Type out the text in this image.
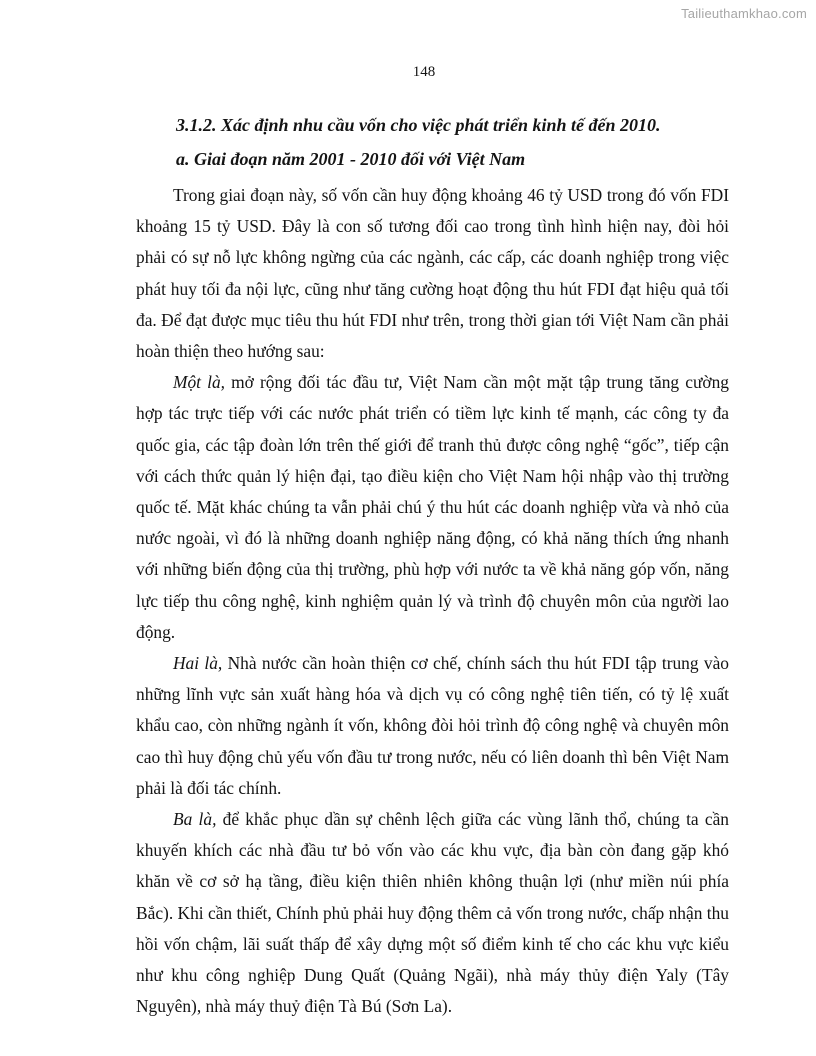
Tailieuthamkhao.com
148
3.1.2. Xác định nhu cầu vốn cho việc phát triển kinh tế đến 2010.
a. Giai đoạn năm 2001 - 2010 đối với Việt Nam

Trong giai đoạn này, số vốn cần huy động khoảng 46 tỷ USD trong đó vốn FDI khoảng 15 tỷ USD. Đây là con số tương đối cao trong tình hình hiện nay, đòi hỏi phải có sự nỗ lực không ngừng của các ngành, các cấp, các doanh nghiệp trong việc phát huy tối đa nội lực, cũng như tăng cường hoạt động thu hút FDI đạt hiệu quả tối đa. Để đạt được mục tiêu thu hút FDI như trên, trong thời gian tới Việt Nam cần phải hoàn thiện theo hướng sau:

Một là, mở rộng đối tác đầu tư, Việt Nam cần một mặt tập trung tăng cường hợp tác trực tiếp với các nước phát triển có tiềm lực kinh tế mạnh, các công ty đa quốc gia, các tập đoàn lớn trên thế giới để tranh thủ được công nghệ “gốc”, tiếp cận với cách thức quản lý hiện đại, tạo điều kiện cho Việt Nam hội nhập vào thị trường quốc tế. Mặt khác chúng ta vẫn phải chú ý thu hút các doanh nghiệp vừa và nhỏ của nước ngoài, vì đó là những doanh nghiệp năng động, có khả năng thích ứng nhanh với những biến động của thị trường, phù hợp với nước ta về khả năng góp vốn, năng lực tiếp thu công nghệ, kinh nghiệm quản lý và trình độ chuyên môn của người lao động.

Hai là, Nhà nước cần hoàn thiện cơ chế, chính sách thu hút FDI tập trung vào những lĩnh vực sản xuất hàng hóa và dịch vụ có công nghệ tiên tiến, có tỷ lệ xuất khẩu cao, còn những ngành ít vốn, không đòi hỏi trình độ công nghệ và chuyên môn cao thì huy động chủ yếu vốn đầu tư trong nước, nếu có liên doanh thì bên Việt Nam phải là đối tác chính.

Ba là, để khắc phục dần sự chênh lệch giữa các vùng lãnh thổ, chúng ta cần khuyến khích các nhà đầu tư bỏ vốn vào các khu vực, địa bàn còn đang gặp khó khăn về cơ sở hạ tầng, điều kiện thiên nhiên không thuận lợi (như miền núi phía Bắc). Khi cần thiết, Chính phủ phải huy động thêm cả vốn trong nước, chấp nhận thu hồi vốn chậm, lãi suất thấp để xây dựng một số điểm kinh tế cho các khu vực kiểu như khu công nghiệp Dung Quất (Quảng Ngãi), nhà máy thủy điện Yaly (Tây Nguyên), nhà máy thuỷ điện Tà Bú (Sơn La).
